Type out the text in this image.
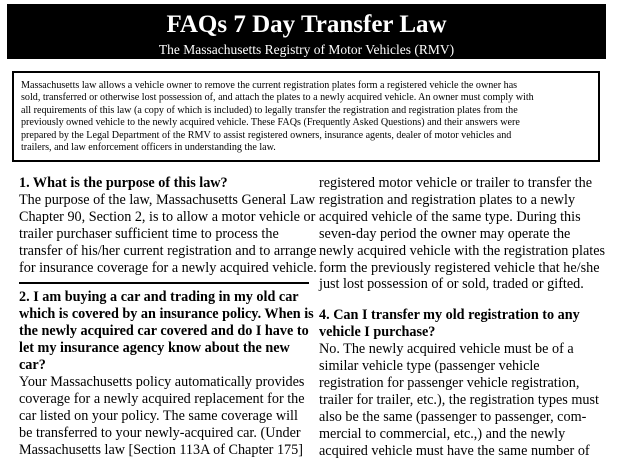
FAQs 7 Day Transfer Law
The Massachusetts Registry of Motor Vehicles (RMV)
Massachusetts law allows a vehicle owner to remove the current registration plates form a registered vehicle the owner has
sold, transferred or otherwise lost possession of, and attach the plates to a newly acquired vehicle. An owner must comply with
all requirements of this law (a copy of which is included) to legally transfer the registration and registration plates from the
previously owned vehicle to the newly acquired vehicle. These FAQs (Frequently Asked Questions) and their answers were
prepared by the Legal Department of the RMV to assist registered owners, insurance agents, dealer of motor vehicles and
trailers, and law enforcement officers in understanding the law.
1. What is the purpose of this law?
The purpose of the law, Massachusetts General Law
Chapter 90, Section 2, is to allow a motor vehicle or
trailer purchaser sufficient time to process the
transfer of his/her current registration and to arrange
for insurance coverage for a newly acquired vehicle.
2. I am buying a car and trading in my old car
which is covered by an insurance policy. When is
the newly acquired car covered and do I have to
let my insurance agency know about the new
car?
Your Massachusetts policy automatically provides
coverage for a newly acquired replacement for the
car listed on your policy. The same coverage will
be transferred to your newly-acquired car. (Under
Massachusetts law [Section 113A of Chapter 175]
registered motor vehicle or trailer to transfer the
registration and registration plates to a newly
acquired vehicle of the same type. During this
seven-day period the owner may operate the
newly acquired vehicle with the registration plates
form the previously registered vehicle that he/she
just lost possession of or sold, traded or gifted.
4. Can I transfer my old registration to any
vehicle I purchase?
No. The newly acquired vehicle must be of a
similar vehicle type (passenger vehicle
registration for passenger vehicle registration,
trailer for trailer, etc.), the registration types must
also be the same (passenger to passenger, com-
mercial to commercial, etc.,) and the newly
acquired vehicle must have the same number of
